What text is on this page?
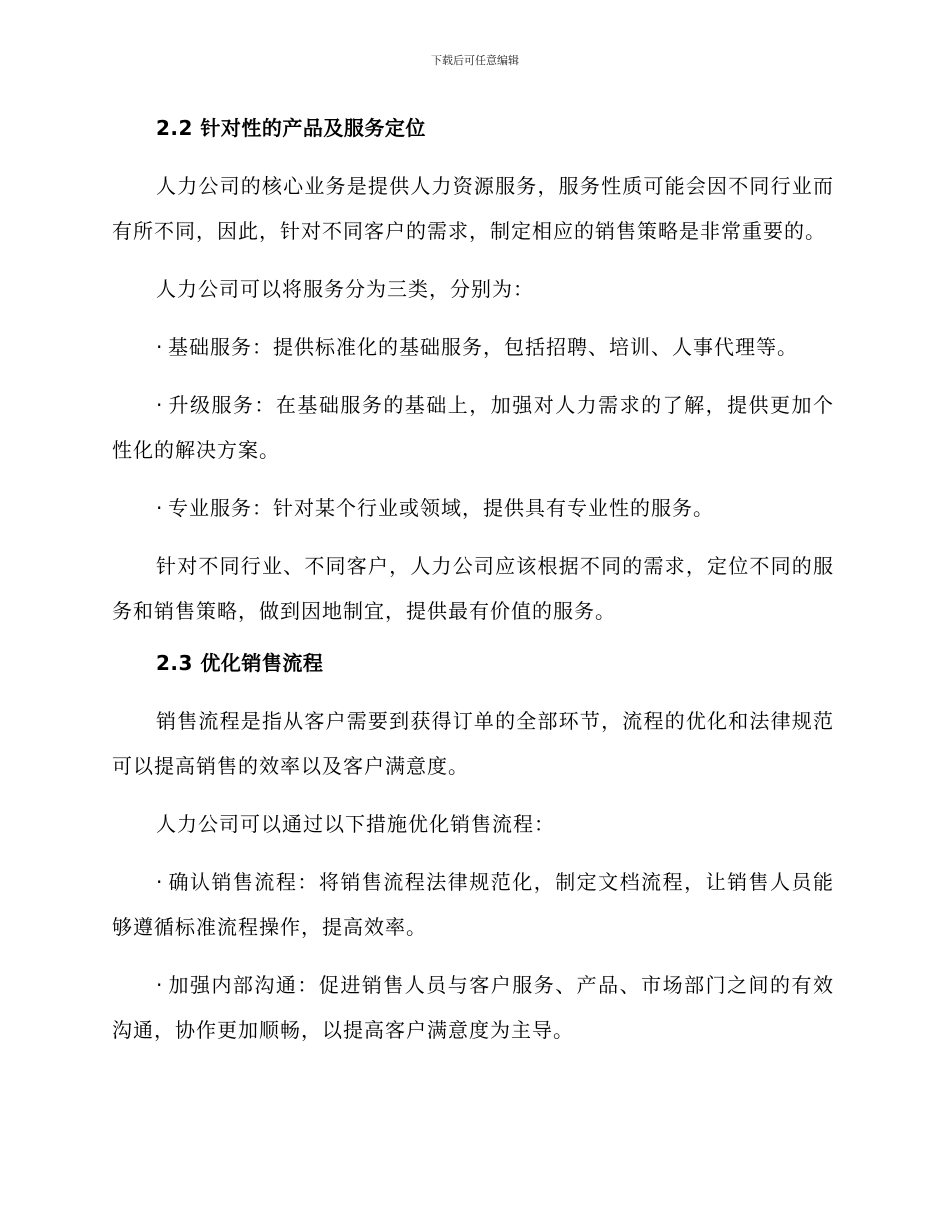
下载后可任意编辑
2.2 针对性的产品及服务定位

人力公司的核心业务是提供人力资源服务，服务性质可能会因不同行业而有所不同，因此，针对不同客户的需求，制定相应的销售策略是非常重要的。

人力公司可以将服务分为三类，分别为：

· 基础服务：提供标准化的基础服务，包括招聘、培训、人事代理等。

· 升级服务：在基础服务的基础上，加强对人力需求的了解，提供更加个性化的解决方案。

· 专业服务：针对某个行业或领域，提供具有专业性的服务。

针对不同行业、不同客户，人力公司应该根据不同的需求，定位不同的服务和销售策略，做到因地制宜，提供最有价值的服务。

2.3 优化销售流程

销售流程是指从客户需要到获得订单的全部环节，流程的优化和法律规范可以提高销售的效率以及客户满意度。

人力公司可以通过以下措施优化销售流程：

· 确认销售流程：将销售流程法律规范化，制定文档流程，让销售人员能够遵循标准流程操作，提高效率。

· 加强内部沟通：促进销售人员与客户服务、产品、市场部门之间的有效沟通，协作更加顺畅，以提高客户满意度为主导。
